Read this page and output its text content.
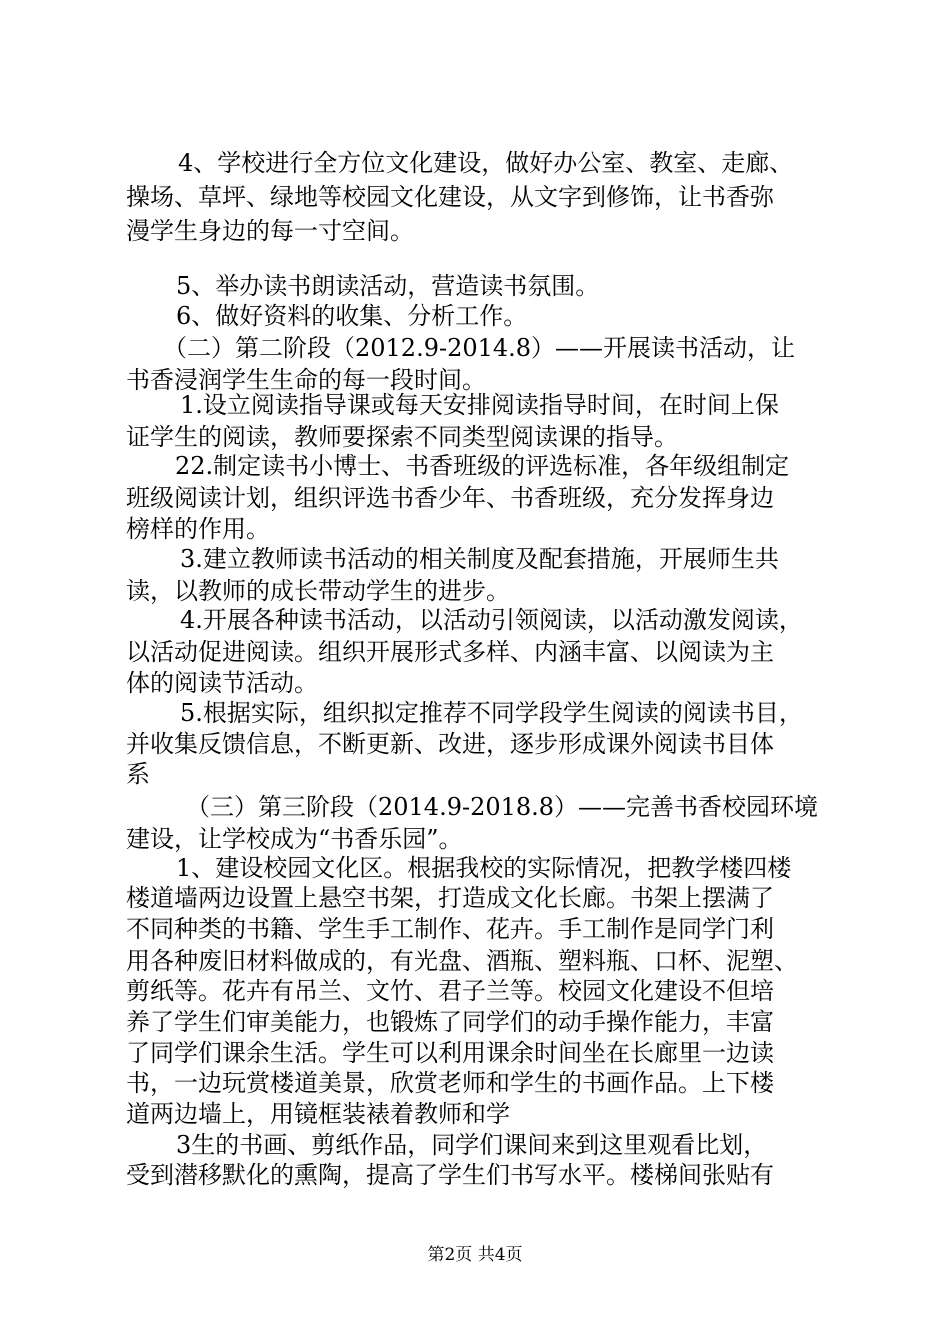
4、学校进行全方位文化建设，做好办公室、教室、走廊、
操场、草坪、绿地等校园文化建设，从文字到修饰，让书香弥
漫学生身边的每一寸空间。
5、举办读书朗读活动，营造读书氛围。
6、做好资料的收集、分析工作。
（二）第二阶段（2012.9-2014.8）——开展读书活动，让
书香浸润学生生命的每一段时间。
1.设立阅读指导课或每天安排阅读指导时间，在时间上保
证学生的阅读，教师要探索不同类型阅读课的指导。
22.制定读书小博士、书香班级的评选标准，各年级组制定
班级阅读计划，组织评选书香少年、书香班级，充分发挥身边
榜样的作用。
3.建立教师读书活动的相关制度及配套措施，开展师生共
读，以教师的成长带动学生的进步。
4.开展各种读书活动，以活动引领阅读，以活动激发阅读，
以活动促进阅读。组织开展形式多样、内涵丰富、以阅读为主
体的阅读节活动。
5.根据实际，组织拟定推荐不同学段学生阅读的阅读书目，
并收集反馈信息，不断更新、改进，逐步形成课外阅读书目体
系
（三）第三阶段（2014.9-2018.8）——完善书香校园环境
建设，让学校成为“书香乐园”。
1、建设校园文化区。根据我校的实际情况，把教学楼四楼
楼道墙两边设置上悬空书架，打造成文化长廊。书架上摆满了
不同种类的书籍、学生手工制作、花卉。手工制作是同学门利
用各种废旧材料做成的，有光盘、酒瓶、塑料瓶、口杯、泥塑、
剪纸等。花卉有吊兰、文竹、君子兰等。校园文化建设不但培
养了学生们审美能力，也锻炼了同学们的动手操作能力，丰富
了同学们课余生活。学生可以利用课余时间坐在长廊里一边读
书，一边玩赏楼道美景，欣赏老师和学生的书画作品。上下楼
道两边墙上，用镜框装裱着教师和学
3生的书画、剪纸作品，同学们课间来到这里观看比划，
受到潜移默化的熏陶，提高了学生们书写水平。楼梯间张贴有
第2页 共4页
